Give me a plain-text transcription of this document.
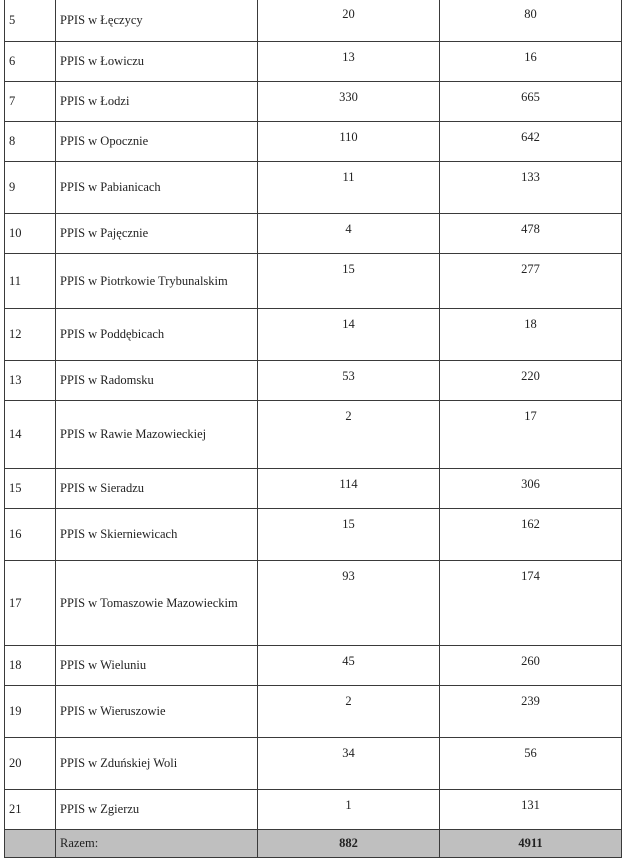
5	PPIS w Łęczycy	20	80
6	PPIS w Łowiczu	13	16
7	PPIS w Łodzi	330	665
8	PPIS w Opocznie	110	642
9	PPIS w Pabianicach	11	133
10	PPIS w Pajęcznie	4	478
11	PPIS w Piotrkowie Trybunalskim	15	277
12	PPIS w Poddębicach	14	18
13	PPIS w Radomsku	53	220
14	PPIS w Rawie Mazowieckiej	2	17
15	PPIS w Sieradzu	114	306
16	PPIS w Skierniewicach	15	162
17	PPIS w Tomaszowie Mazowieckim	93	174
18	PPIS w Wieluniu	45	260
19	PPIS w Wieruszowie	2	239
20	PPIS w Zduńskiej Woli	34	56
21	PPIS w Zgierzu	1	131
	Razem:	882	4911
